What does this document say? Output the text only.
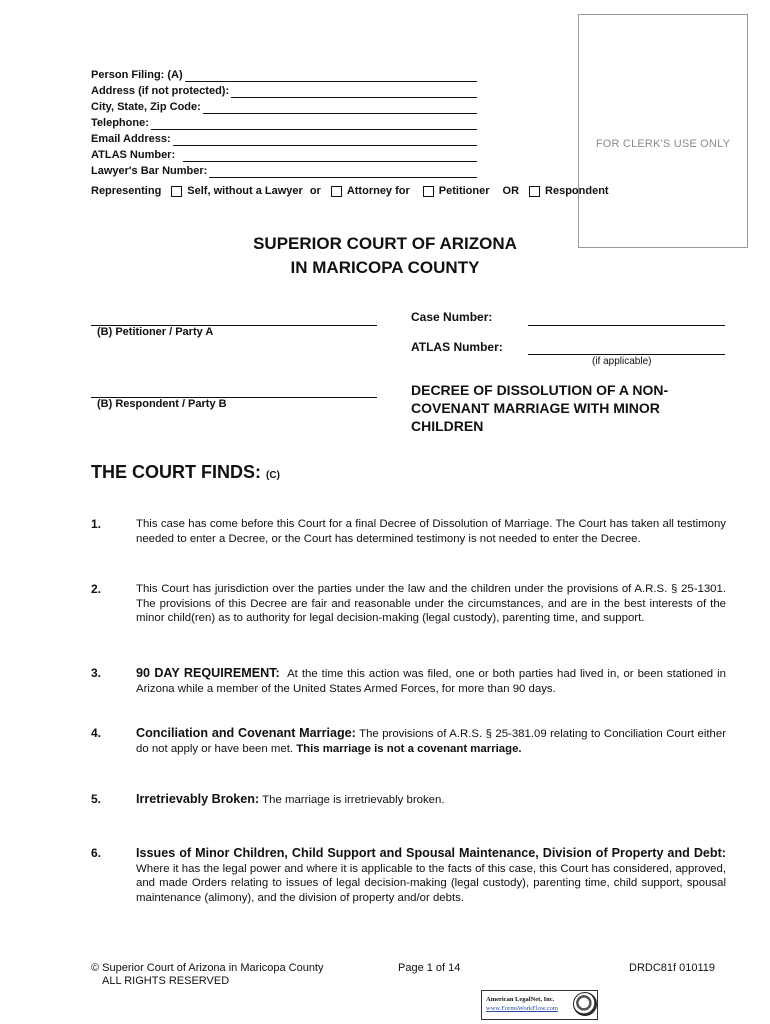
FOR CLERK'S USE ONLY
Person Filing: (A)
Address (if not protected):
City, State, Zip Code:
Telephone:
Email Address:
ATLAS Number:
Lawyer's Bar Number:
Representing Self, without a Lawyer or Attorney for	Petitioner OR Respondent
SUPERIOR COURT OF ARIZONA
IN MARICOPA COUNTY
(B) Petitioner / Party A
(B) Respondent / Party B
Case Number:
ATLAS Number:
(if applicable)
DECREE OF DISSOLUTION OF A NON-
COVENANT MARRIAGE WITH MINOR
CHILDREN
THE COURT FINDS: (C)
1.	This case has come before this Court for a final Decree of Dissolution of Marriage. The Court has taken all testimony needed to enter a Decree, or the Court has determined testimony is not needed to enter the Decree.
2.	This Court has jurisdiction over the parties under the law and the children under the provisions of A.R.S. § 25-1301. The provisions of this Decree are fair and reasonable under the circumstances, and are in the best interests of the minor child(ren) as to authority for legal decision-making (legal custody), parenting time, and support.
3.	90 DAY REQUIREMENT: At the time this action was filed, one or both parties had lived in, or been stationed in Arizona while a member of the United States Armed Forces, for more than 90 days.
4.	Conciliation and Covenant Marriage: The provisions of A.R.S. § 25-381.09 relating to Conciliation Court either do not apply or have been met. This marriage is not a covenant marriage.
5.	Irretrievably Broken: The marriage is irretrievably broken.
6.	Issues of Minor Children, Child Support and Spousal Maintenance, Division of Property and Debt: Where it has the legal power and where it is applicable to the facts of this case, this Court has considered, approved, and made Orders relating to issues of legal decision-making (legal custody), parenting time, child support, spousal maintenance (alimony), and the division of property and/or debts.
© Superior Court of Arizona in Maricopa County
ALL RIGHTS RESERVED
Page 1 of 14	DRDC81f 010119
American LegalNet, Inc.
www.FormsWorkFlow.com
